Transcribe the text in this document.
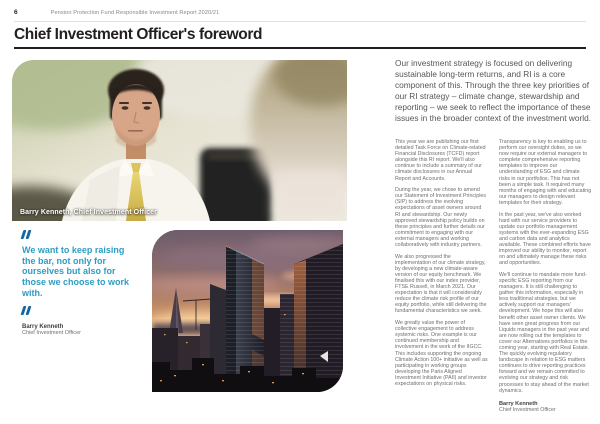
6	Pension Protection Fund Responsible Investment Report 2020/21
Chief Investment Officer's foreword
Barry Kenneth, Chief Investment Officer
Our investment strategy is focused on delivering sustainable long-term returns, and RI is a core component of this. Through the three key priorities of our RI strategy – climate change, stewardship and reporting – we seek to reflect the importance of these issues in the broader context of the investment world.

This year we are publishing our first detailed Task Force on Climate-related Financial Disclosures (TCFD) report alongside this RI report. We'll also continue to include a summary of our climate disclosures in our Annual Report and Accounts.

During the year, we chose to amend our Statement of Investment Principles (SIP) to address the evolving expectations of asset owners around RI and stewardship. Our newly approved stewardship policy builds on these principles and further details our commitment to engaging with our external managers and working collaboratively with industry partners.

We also progressed the implementation of our climate strategy, by developing a new climate-aware version of our equity benchmark. We finalised this with our index provider, FTSE Russell, in March 2021. Our expectation is that it will considerably reduce the climate risk profile of our equity portfolio, while still delivering the fundamental characteristics we seek.

We greatly value the power of collective engagement to address systemic risks. One example is our continued membership and involvement in the work of the IIGCC. This includes supporting the ongoing Climate Action 100+ initiative as well as participating in working groups developing the Paris Aligned Investment Initiative (PAII) and investor expectations on physical risks.

Transparency is key to enabling us to perform our oversight duties, so we now require our external managers to complete comprehensive reporting templates to improve our understanding of ESG and climate risks in our portfolios. This has not been a simple task. It required many months of engaging with and educating our managers to design relevant templates for their strategy.

In the past year, we've also worked hard with our service providers to update our portfolio management systems with the ever-expanding ESG and carbon data and analytics available. These combined efforts have improved our ability to monitor, report on and ultimately manage these risks and opportunities.

We'll continue to mandate more fund-specific ESG reporting from our managers. It is still challenging to gather this information, especially in less traditional strategies, but we actively support our managers' development. We hope this will also benefit other asset owner clients. We have seen great progress from our Liquids managers in the past year and are now rolling out the templates to cover our Alternatives portfolios in the coming year, starting with Real Estate. The quickly evolving regulatory landscape in relation to ESG matters continues to drive reporting practices forward and we remain committed to evolving our strategy and risk processes to stay ahead of the market dynamics.

Barry Kenneth
Chief Investment Officer
We want to keep raising the bar, not only for ourselves but also for those we choose to work with.
Barry Kenneth
Chief Investment Officer
